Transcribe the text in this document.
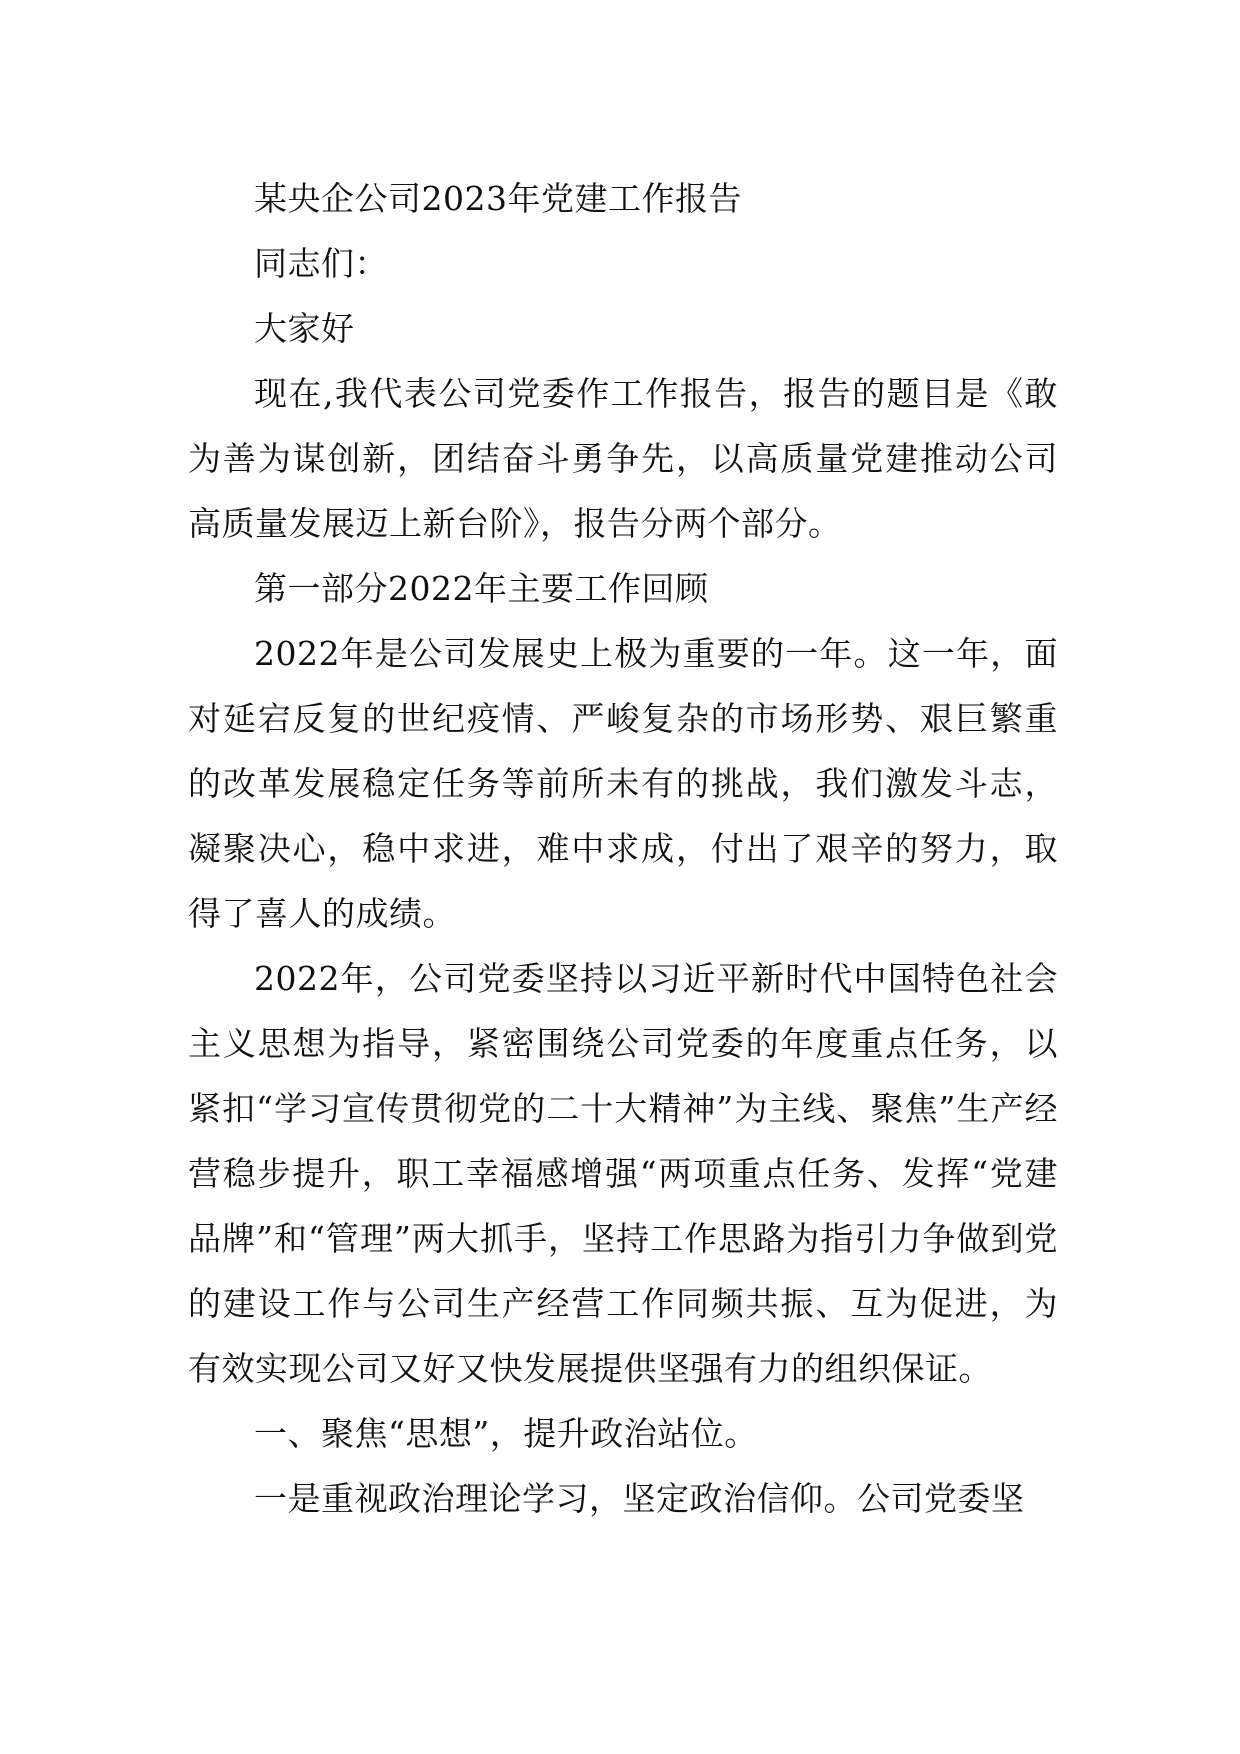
某央企公司2023年党建工作报告

同志们：

大家好

现在,我代表公司党委作工作报告，报告的题目是《敢为善为谋创新，团结奋斗勇争先，以高质量党建推动公司高质量发展迈上新台阶》，报告分两个部分。

第一部分2022年主要工作回顾

2022年是公司发展史上极为重要的一年。这一年，面对延宕反复的世纪疫情、严峻复杂的市场形势、艰巨繁重的改革发展稳定任务等前所未有的挑战，我们激发斗志，凝聚决心，稳中求进，难中求成，付出了艰辛的努力，取得了喜人的成绩。

2022年，公司党委坚持以习近平新时代中国特色社会主义思想为指导，紧密围绕公司党委的年度重点任务，以紧扣“学习宣传贯彻党的二十大精神”为主线、聚焦”生产经营稳步提升，职工幸福感增强“两项重点任务、发挥“党建品牌”和“管理”两大抓手，坚持工作思路为指引力争做到党的建设工作与公司生产经营工作同频共振、互为促进，为有效实现公司又好又快发展提供坚强有力的组织保证。

一、聚焦“思想”，提升政治站位。

一是重视政治理论学习，坚定政治信仰。公司党委坚
